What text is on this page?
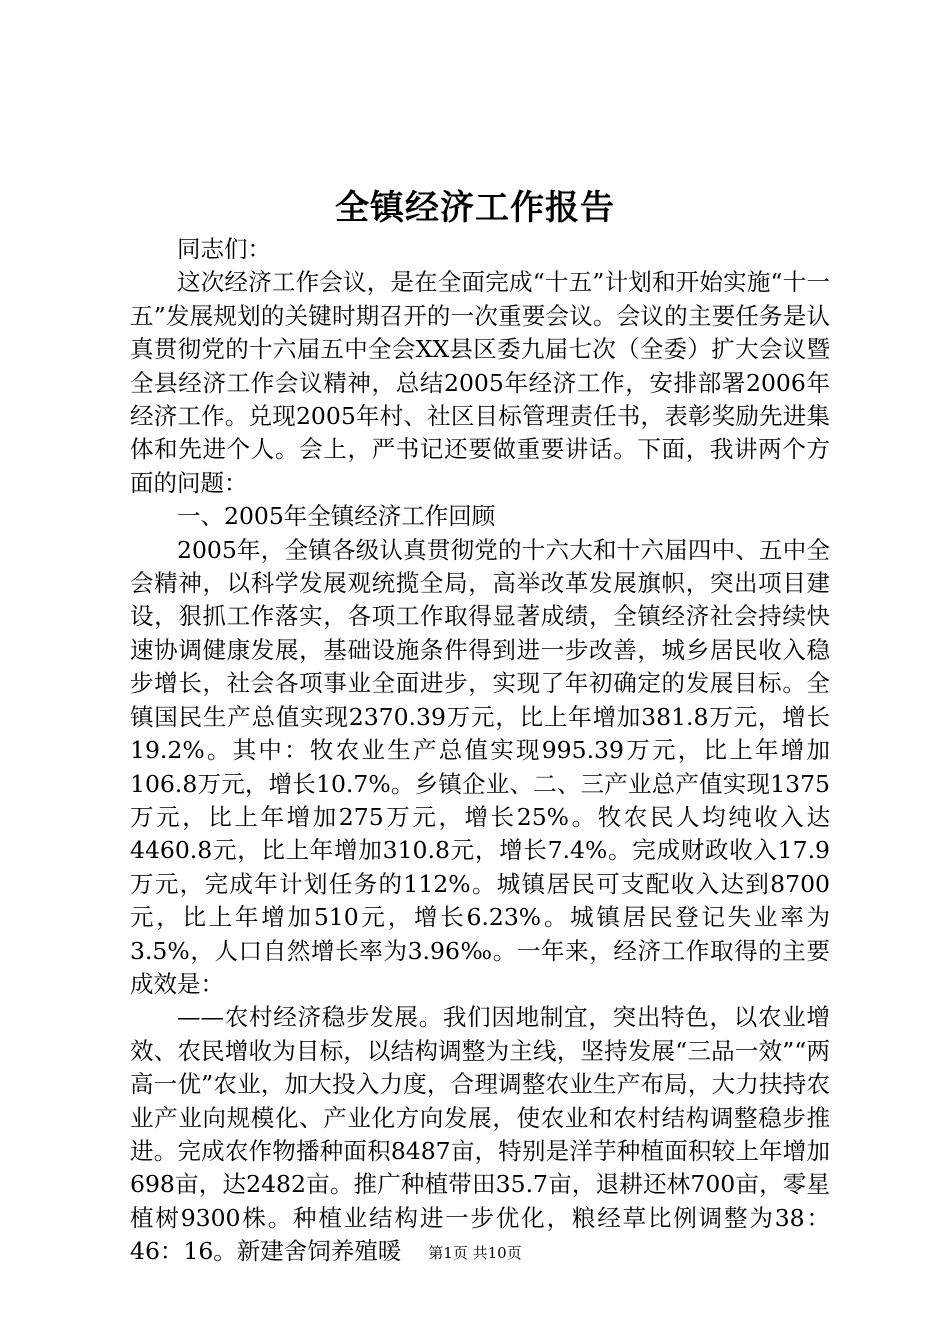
全镇经济工作报告

同志们：

这次经济工作会议，是在全面完成“十五”计划和开始实施“十一五”发展规划的关键时期召开的一次重要会议。会议的主要任务是认真贯彻党的十六届五中全会XX县区委九届七次（全委）扩大会议暨全县经济工作会议精神，总结2005年经济工作，安排部署2006年经济工作。兑现2005年村、社区目标管理责任书，表彰奖励先进集体和先进个人。会上，严书记还要做重要讲话。下面，我讲两个方面的问题：

一、2005年全镇经济工作回顾

2005年，全镇各级认真贯彻党的十六大和十六届四中、五中全会精神，以科学发展观统揽全局，高举改革发展旗帜，突出项目建设，狠抓工作落实，各项工作取得显著成绩，全镇经济社会持续快速协调健康发展，基础设施条件得到进一步改善，城乡居民收入稳步增长，社会各项事业全面进步，实现了年初确定的发展目标。全镇国民生产总值实现2370.39万元，比上年增加381.8万元，增长19.2%。其中：牧农业生产总值实现995.39万元，比上年增加106.8万元，增长10.7%。乡镇企业、二、三产业总产值实现1375万元，比上年增加275万元，增长25%。牧农民人均纯收入达4460.8元，比上年增加310.8元，增长7.4%。完成财政收入17.9万元，完成年计划任务的112%。城镇居民可支配收入达到8700元，比上年增加510元，增长6.23%。城镇居民登记失业率为3.5%，人口自然增长率为3.96‰。一年来，经济工作取得的主要成效是：

——农村经济稳步发展。我们因地制宜，突出特色，以农业增效、农民增收为目标，以结构调整为主线，坚持发展“三品一效”“两高一优”农业，加大投入力度，合理调整农业生产布局，大力扶持农业产业向规模化、产业化方向发展，使农业和农村结构调整稳步推进。完成农作物播种面积8487亩，特别是洋芋种植面积较上年增加698亩，达2482亩。推广种植带田35.7亩，退耕还林700亩，零星植树9300株。种植业结构进一步优化，粮经草比例调整为38：46：16。新建舍饲养殖暖	第1页 共10页
